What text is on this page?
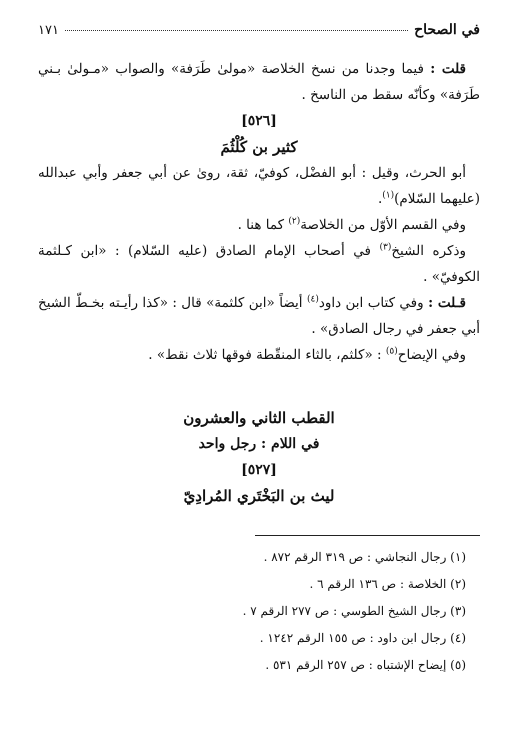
في الصحاح
١٧١

قلت : فيما وجدنا من نسخ الخلاصة «مولىٰ طَرَفة» والصواب «مـولىٰ بـني طَرَفة» وكأنّه سقط من الناسخ .

[٥٢٦]

كثير بن كُلْثُمَ

أبو الحرث، وقيل : أبو الفضْل، كوفيّ، ثقة، روىٰ عن أبي جعفر وأبي عبدالله (عليهما السّلام)$^{(١)}$.

وفي القسم الأوّل من الخلاصة$^{(٢)}$ كما هنا .

وذكره الشيخ$^{(٣)}$ في أصحاب الإمام الصادق (عليه السّلام) : «ابن كـلثمة الكوفيّ» .

قـلت : وفي كتاب ابن داود$^{(٤)}$ أيضاً «ابن كلثمة» قال : «كذا رأيـته بخـطّ الشيخ أبي جعفر في رجال الصادق» .

وفي الإيضاح$^{(٥)}$ : «كلثم، بالثاء المنقّطة فوقها ثلاث نقط» .

القطب الثاني والعشرون
في اللام : رجل واحد
[٥٢٧]
ليث بن البَخْتَري المُرادِيّ
(١) رجال النجاشي : ص ٣١٩ الرقم ٨٧٢ .
(٢) الخلاصة : ص ١٣٦ الرقم ٦ .
(٣) رجال الشيخ الطوسي : ص ٢٧٧ الرقم ٧ .
(٤) رجال ابن داود : ص ١٥٥ الرقم ١٢٤٢ .
(٥) إيضاح الإشتباه : ص ٢٥٧ الرقم ٥٣١ .
